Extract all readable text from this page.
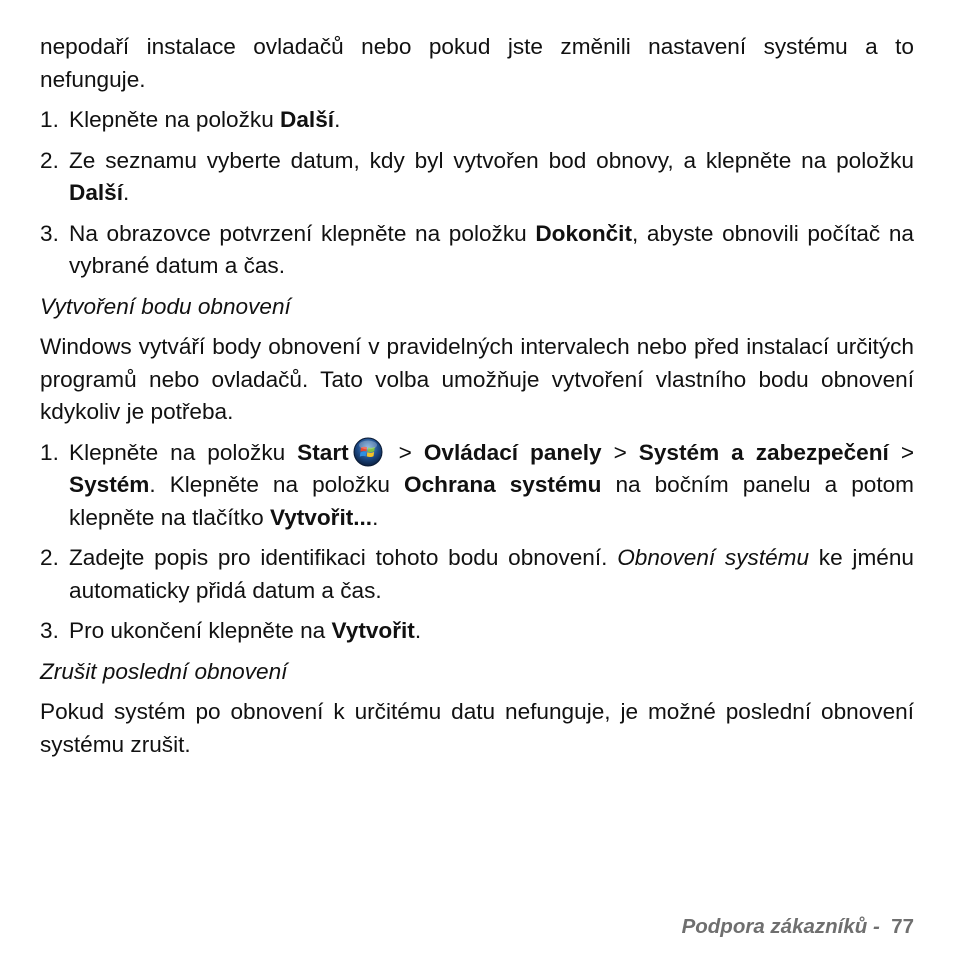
nepodaří instalace ovladačů nebo pokud jste změnili nastavení systému a to nefunguje.

1. Klepněte na položku Další.
2. Ze seznamu vyberte datum, kdy byl vytvořen bod obnovy, a klepněte na položku Další.
3. Na obrazovce potvrzení klepněte na položku Dokončit, abyste obnovili počítač na vybrané datum a čas.

Vytvoření bodu obnovení

Windows vytváří body obnovení v pravidelných intervalech nebo před instalací určitých programů nebo ovladačů. Tato volba umožňuje vytvoření vlastního bodu obnovení kdykoliv je potřeba.

1. Klepněte na položku Start > Ovládací panely > Systém a zabezpečení > Systém. Klepněte na položku Ochrana systému na bočním panelu a potom klepněte na tlačítko Vytvořit....
2. Zadejte popis pro identifikaci tohoto bodu obnovení. Obnovení systému ke jménu automaticky přidá datum a čas.
3. Pro ukončení klepněte na Vytvořit.

Zrušit poslední obnovení

Pokud systém po obnovení k určitému datu nefunguje, je možné poslední obnovení systému zrušit.

Podpora zákazníků -  77
